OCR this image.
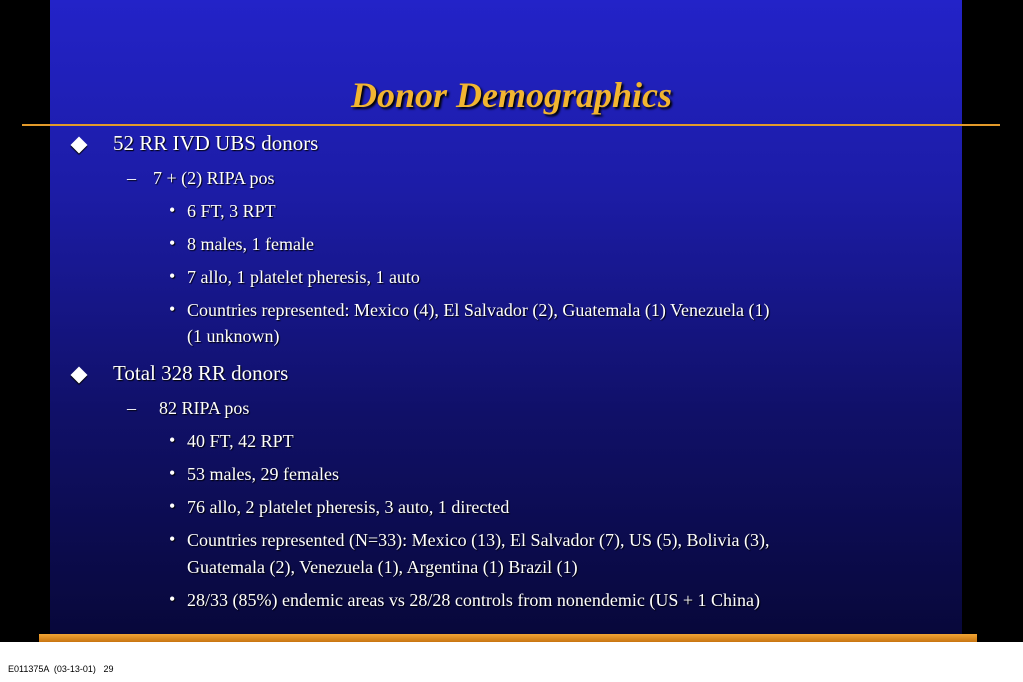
Donor Demographics
52 RR IVD UBS donors
– 7 + (2) RIPA pos
• 6 FT, 3 RPT
• 8 males, 1 female
• 7 allo, 1 platelet pheresis, 1 auto
• Countries represented: Mexico (4), El Salvador (2), Guatemala (1) Venezuela (1)
(1 unknown)
Total 328 RR donors
– 82 RIPA pos
• 40 FT, 42 RPT
• 53 males, 29 females
• 76 allo, 2 platelet pheresis, 3 auto, 1 directed
• Countries represented (N=33): Mexico (13), El Salvador (7), US (5), Bolivia (3),
Guatemala (2), Venezuela (1), Argentina (1) Brazil (1)
• 28/33 (85%) endemic areas vs 28/28 controls from nonendemic (US + 1 China)
E011375A (03-13-01) 29
